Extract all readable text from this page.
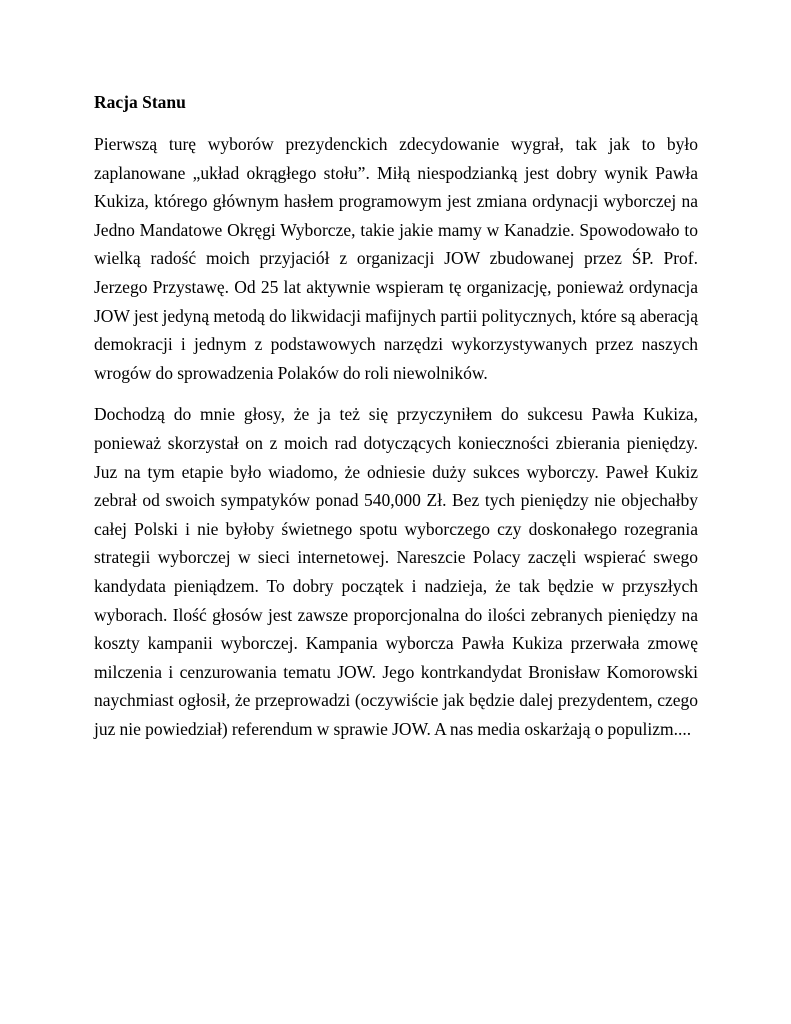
Racja Stanu

Pierwszą turę wyborów prezydenckich zdecydowanie wygrał, tak jak to było zaplanowane „układ okrągłego stołu”. Miłą niespodzianką jest dobry wynik Pawła Kukiza, którego głównym hasłem programowym jest zmiana ordynacji wyborczej na Jedno Mandatowe Okręgi Wyborcze, takie jakie mamy w Kanadzie. Spowodowało to wielką radość moich przyjaciół z organizacji JOW zbudowanej przez ŚP. Prof. Jerzego Przystawę. Od 25 lat aktywnie wspieram tę organizację, ponieważ ordynacja JOW jest jedyną metodą do likwidacji mafijnych partii politycznych, które są aberacją demokracji i jednym z podstawowych narzędzi wykorzystywanych przez naszych wrogów do sprowadzenia Polaków do roli niewolników.

Dochodzą do mnie głosy, że ja też się przyczyniłem do sukcesu Pawła Kukiza, ponieważ skorzystał on z moich rad dotyczących konieczności zbierania pieniędzy. Juz na tym etapie było wiadomo, że odniesie duży sukces wyborczy. Paweł Kukiz zebrał od swoich sympatyków ponad 540,000 Zł. Bez tych pieniędzy nie objechałby całej Polski i nie byłoby świetnego spotu wyborczego czy doskonałego rozegrania strategii wyborczej w sieci internetowej. Nareszcie Polacy zaczęli wspierać swego kandydata pieniądzem. To dobry początek i nadzieja, że tak będzie w przyszłych wyborach. Ilość głosów jest zawsze proporcjonalna do ilości zebranych pieniędzy na koszty kampanii wyborczej. Kampania wyborcza Pawła Kukiza przerwała zmowę milczenia i cenzurowania tematu JOW. Jego kontrkandydat Bronisław Komorowski naychmiast ogłosił, że przeprowadzi (oczywiście jak będzie dalej prezydentem, czego juz nie powiedział) referendum w sprawie JOW. A nas media oskarżają o populizm....
